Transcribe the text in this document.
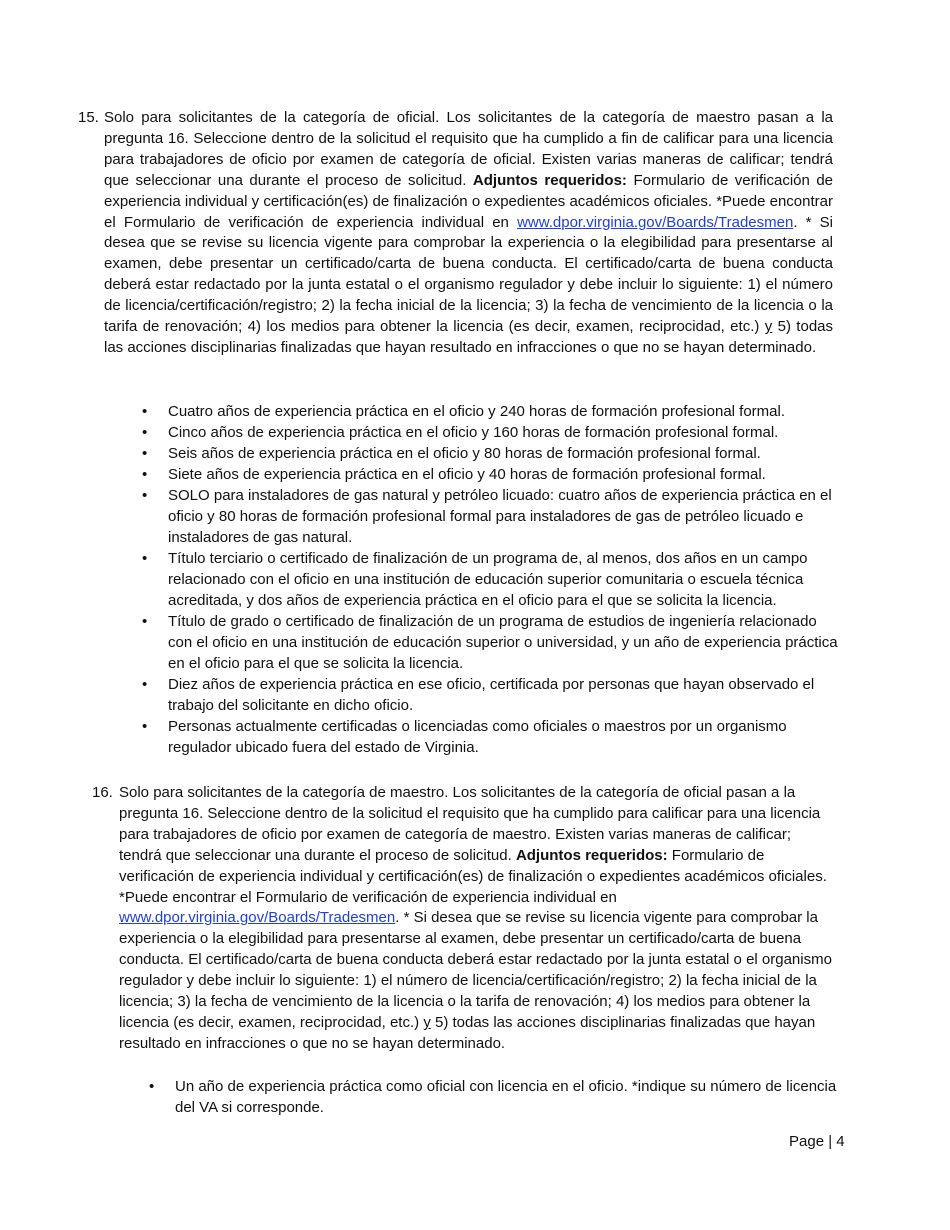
15. Solo para solicitantes de la categoría de oficial. Los solicitantes de la categoría de maestro pasan a la pregunta 16. Seleccione dentro de la solicitud el requisito que ha cumplido a fin de calificar para una licencia para trabajadores de oficio por examen de categoría de oficial. Existen varias maneras de calificar; tendrá que seleccionar una durante el proceso de solicitud. Adjuntos requeridos: Formulario de verificación de experiencia individual y certificación(es) de finalización o expedientes académicos oficiales. *Puede encontrar el Formulario de verificación de experiencia individual en www.dpor.virginia.gov/Boards/Tradesmen. * Si desea que se revise su licencia vigente para comprobar la experiencia o la elegibilidad para presentarse al examen, debe presentar un certificado/carta de buena conducta. El certificado/carta de buena conducta deberá estar redactado por la junta estatal o el organismo regulador y debe incluir lo siguiente: 1) el número de licencia/certificación/registro; 2) la fecha inicial de la licencia; 3) la fecha de vencimiento de la licencia o la tarifa de renovación; 4) los medios para obtener la licencia (es decir, examen, reciprocidad, etc.) y 5) todas las acciones disciplinarias finalizadas que hayan resultado en infracciones o que no se hayan determinado.
• Cuatro años de experiencia práctica en el oficio y 240 horas de formación profesional formal.
• Cinco años de experiencia práctica en el oficio y 160 horas de formación profesional formal.
• Seis años de experiencia práctica en el oficio y 80 horas de formación profesional formal.
• Siete años de experiencia práctica en el oficio y 40 horas de formación profesional formal.
• SOLO para instaladores de gas natural y petróleo licuado: cuatro años de experiencia práctica en el oficio y 80 horas de formación profesional formal para instaladores de gas de petróleo licuado e instaladores de gas natural.
• Título terciario o certificado de finalización de un programa de, al menos, dos años en un campo relacionado con el oficio en una institución de educación superior comunitaria o escuela técnica acreditada, y dos años de experiencia práctica en el oficio para el que se solicita la licencia.
• Título de grado o certificado de finalización de un programa de estudios de ingeniería relacionado con el oficio en una institución de educación superior o universidad, y un año de experiencia práctica en el oficio para el que se solicita la licencia.
• Diez años de experiencia práctica en ese oficio, certificada por personas que hayan observado el trabajo del solicitante en dicho oficio.
• Personas actualmente certificadas o licenciadas como oficiales o maestros por un organismo regulador ubicado fuera del estado de Virginia.
16. Solo para solicitantes de la categoría de maestro. Los solicitantes de la categoría de oficial pasan a la pregunta 16. Seleccione dentro de la solicitud el requisito que ha cumplido para calificar para una licencia para trabajadores de oficio por examen de categoría de maestro. Existen varias maneras de calificar; tendrá que seleccionar una durante el proceso de solicitud. Adjuntos requeridos: Formulario de verificación de experiencia individual y certificación(es) de finalización o expedientes académicos oficiales. *Puede encontrar el Formulario de verificación de experiencia individual en www.dpor.virginia.gov/Boards/Tradesmen. * Si desea que se revise su licencia vigente para comprobar la experiencia o la elegibilidad para presentarse al examen, debe presentar un certificado/carta de buena conducta. El certificado/carta de buena conducta deberá estar redactado por la junta estatal o el organismo regulador y debe incluir lo siguiente: 1) el número de licencia/certificación/registro; 2) la fecha inicial de la licencia; 3) la fecha de vencimiento de la licencia o la tarifa de renovación; 4) los medios para obtener la licencia (es decir, examen, reciprocidad, etc.) y 5) todas las acciones disciplinarias finalizadas que hayan resultado en infracciones o que no se hayan determinado.
• Un año de experiencia práctica como oficial con licencia en el oficio. *indique su número de licencia del VA si corresponde.
Page | 4
